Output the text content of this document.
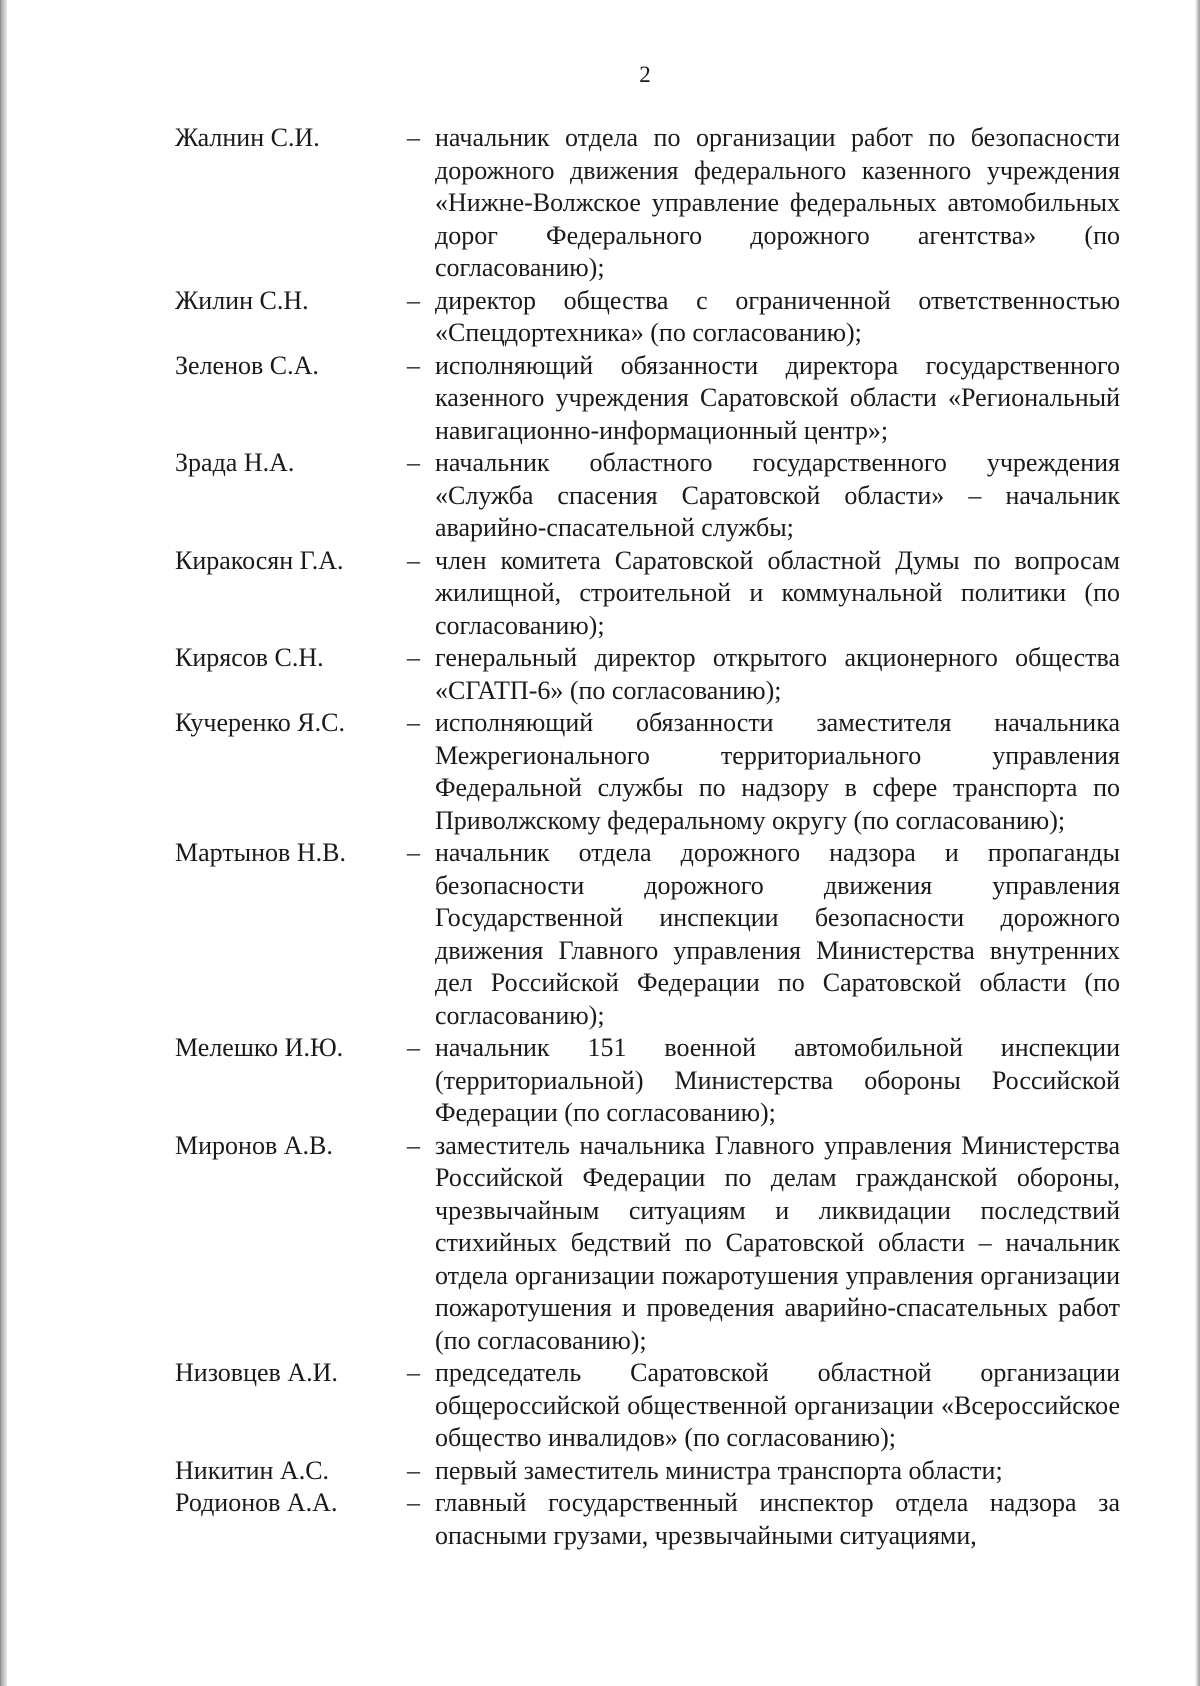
2
Жалнин С.И.	– начальник отдела по организации работ по безопасности дорожного движения федерального казенного учреждения «Нижне-Волжское управление федеральных автомобильных дорог Федерального дорожного агентства» (по согласованию);

Жилин С.Н.	– директор общества с ограниченной ответственностью «Спецдортехника» (по согласованию);

Зеленов С.А.	– исполняющий обязанности директора государственного казенного учреждения Саратовской области «Региональный навигационно-информационный центр»;

Зрада Н.А.	– начальник областного государственного учреждения «Служба спасения Саратовской области» – начальник аварийно-спасательной службы;

Киракосян Г.А.	– член комитета Саратовской областной Думы по вопросам жилищной, строительной и коммунальной политики (по согласованию);

Кирясов С.Н.	– генеральный директор открытого акционерного общества «СГАТП-6» (по согласованию);

Кучеренко Я.С.	– исполняющий обязанности заместителя начальника Межрегионального территориального управления Федеральной службы по надзору в сфере транспорта по Приволжскому федеральному округу (по согласованию);

Мартынов Н.В.	– начальник отдела дорожного надзора и пропаганды безопасности дорожного движения управления Государственной инспекции безопасности дорожного движения Главного управления Министерства внутренних дел Российской Федерации по Саратовской области (по согласованию);

Мелешко И.Ю.	– начальник 151 военной автомобильной инспекции (территориальной) Министерства обороны Российской Федерации (по согласованию);

Миронов А.В.	– заместитель начальника Главного управления Министерства Российской Федерации по делам гражданской обороны, чрезвычайным ситуациям и ликвидации последствий стихийных бедствий по Саратовской области – начальник отдела организации пожаротушения управления организации пожаротушения и проведения аварийно-спасательных работ (по согласованию);

Низовцев А.И.	– председатель Саратовской областной организации общероссийской общественной организации «Всероссийское общество инвалидов» (по согласованию);

Никитин А.С.	– первый заместитель министра транспорта области;

Родионов А.А.	– главный государственный инспектор отдела надзора за опасными грузами, чрезвычайными ситуациями,
